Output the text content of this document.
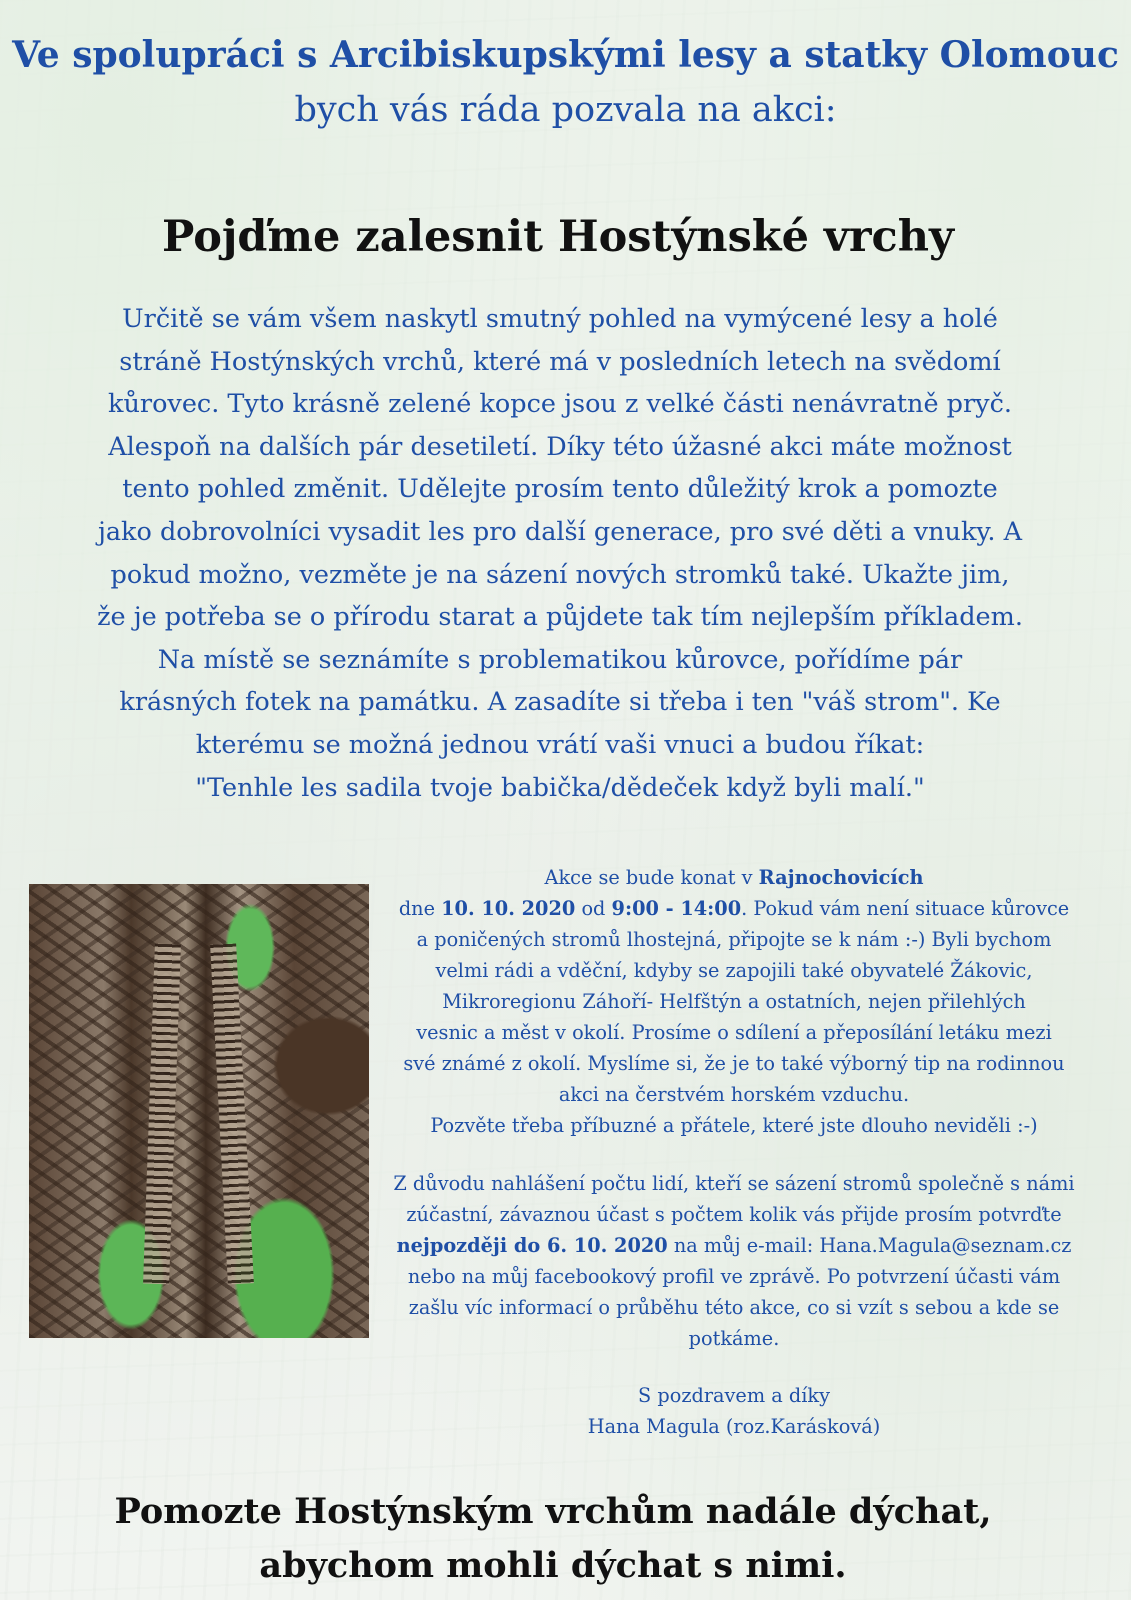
Ve spolupráci s Arcibiskupskými lesy a statky Olomouc
bych vás ráda pozvala na akci:
Pojďme zalesnit Hostýnské vrchy
Určitě se vám všem naskytl smutný pohled na vymýcené lesy a holé
stráně Hostýnských vrchů, které má v posledních letech na svědomí
kůrovec. Tyto krásně zelené kopce jsou z velké části nenávratně pryč.
Alespoň na dalších pár desetiletí. Díky této úžasné akci máte možnost
tento pohled změnit. Udělejte prosím tento důležitý krok a pomozte
jako dobrovolníci vysadit les pro další generace, pro své děti a vnuky. A
pokud možno, vezměte je na sázení nových stromků také. Ukažte jim,
že je potřeba se o přírodu starat a půjdete tak tím nejlepším příkladem.
Na místě se seznámíte s problematikou kůrovce, pořídíme pár
krásných fotek na památku. A zasadíte si třeba i ten "váš strom". Ke
kterému se možná jednou vrátí vaši vnuci a budou říkat:
"Tenhle les sadila tvoje babička/dědeček když byli malí."
Akce se bude konat v Rajnochovicích
dne 10. 10. 2020 od 9:00 - 14:00. Pokud vám není situace kůrovce
a poničených stromů lhostejná, připojte se k nám :-) Byli bychom
velmi rádi a vděční, kdyby se zapojili také obyvatelé Žákovic,
Mikroregionu Záhoří- Helfštýn a ostatních, nejen přilehlých
vesnic a měst v okolí. Prosíme o sdílení a přeposílání letáku mezi
své známé z okolí. Myslíme si, že je to také výborný tip na rodinnou
akci na čerstvém horském vzduchu.
Pozvěte třeba příbuzné a přátele, které jste dlouho neviděli :-)
Z důvodu nahlášení počtu lidí, kteří se sázení stromů společně s námi
zúčastní, závaznou účast s počtem kolik vás přijde prosím potvrďte
nejpozději do 6. 10. 2020 na můj e-mail: Hana.Magula@seznam.cz
nebo na můj facebookový profil ve zprávě. Po potvrzení účasti vám
zašlu víc informací o průběhu této akce, co si vzít s sebou a kde se
potkáme.
S pozdravem a díky
Hana Magula (roz.Karásková)
Pomozte Hostýnským vrchům nadále dýchat,
abychom mohli dýchat s nimi.
